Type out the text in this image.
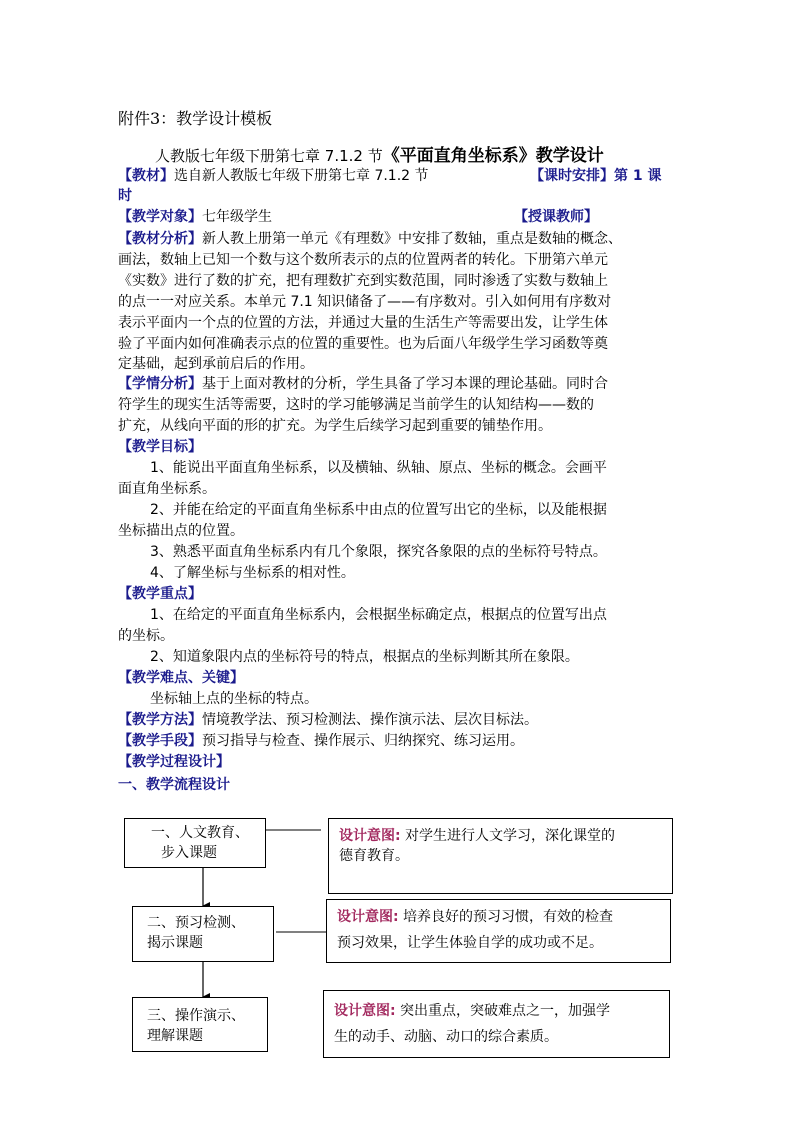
附件3：教学设计模板
人教版七年级下册第七章 7.1.2 节《平面直角坐标系》教学设计
【教材】选自新人教版七年级下册第七章 7.1.2 节	【课时安排】第 1 课
时
【教学对象】七年级学生	【授课教师】
【教材分析】新人教上册第一单元《有理数》中安排了数轴，重点是数轴的概念、
画法，数轴上已知一个数与这个数所表示的点的位置两者的转化。下册第六单元
《实数》进行了数的扩充，把有理数扩充到实数范围，同时渗透了实数与数轴上
的点一一对应关系。本单元 7.1 知识储备了——有序数对。引入如何用有序数对
表示平面内一个点的位置的方法，并通过大量的生活生产等需要出发，让学生体
验了平面内如何准确表示点的位置的重要性。也为后面八年级学生学习函数等奠
定基础，起到承前启后的作用。
【学情分析】基于上面对教材的分析，学生具备了学习本课的理论基础。同时合
符学生的现实生活等需要，这时的学习能够满足当前学生的认知结构——数的
扩充，从线向平面的形的扩充。为学生后续学习起到重要的铺垫作用。
【教学目标】
1、能说出平面直角坐标系，以及横轴、纵轴、原点、坐标的概念。会画平
面直角坐标系。
2、并能在给定的平面直角坐标系中由点的位置写出它的坐标，以及能根据
坐标描出点的位置。
3、熟悉平面直角坐标系内有几个象限，探究各象限的点的坐标符号特点。
4、了解坐标与坐标系的相对性。
【教学重点】
1、在给定的平面直角坐标系内，会根据坐标确定点，根据点的位置写出点
的坐标。
2、知道象限内点的坐标符号的特点，根据点的坐标判断其所在象限。
【教学难点、关键】
坐标轴上点的坐标的特点。
【教学方法】情境教学法、预习检测法、操作演示法、层次目标法。
【教学手段】预习指导与检查、操作展示、归纳探究、练习运用。
【教学过程设计】
一、教学流程设计
一、人文教育、
步入课题
二、预习检测、
揭示课题
三、操作演示、
理解课题
设计意图: 对学生进行人文学习，深化课堂的
德育教育。
设计意图: 培养良好的预习习惯，有效的检查
预习效果，让学生体验自学的成功或不足。
设计意图: 突出重点，突破难点之一，加强学
生的动手、动脑、动口的综合素质。
